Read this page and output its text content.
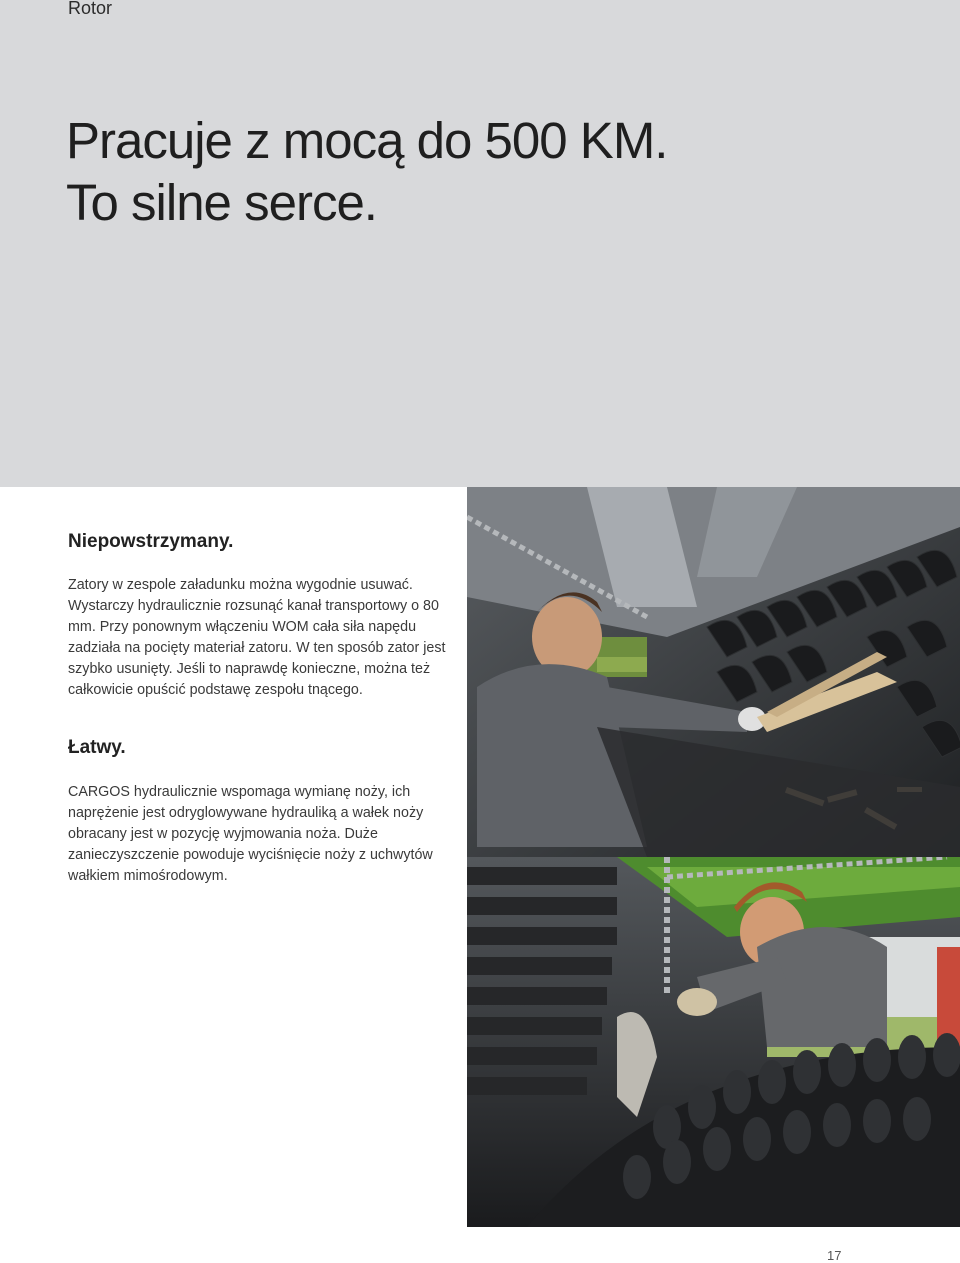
Rotor
Pracuje z mocą do 500 KM.
To silne serce.
Niepowstrzymany.

Zatory w zespole załadunku można wygodnie usuwać. Wystarczy hydraulicznie rozsunąć kanał transportowy o 80 mm. Przy ponownym włączeniu WOM cała siła napędu zadziała na pocięty materiał zatoru. W ten sposób zator jest szybko usunięty. Jeśli to naprawdę konieczne, można też całkowicie opuścić podstawę zespołu tnącego.

Łatwy.

CARGOS hydraulicznie wspomaga wymianę noży, ich naprężenie jest odryglowywane hydrauliką a wałek noży obracany jest w pozycję wyjmowania noża. Duże zanieczyszczenie powoduje wyciśnięcie noży z uchwytów wałkiem mimośrodowym.

17
